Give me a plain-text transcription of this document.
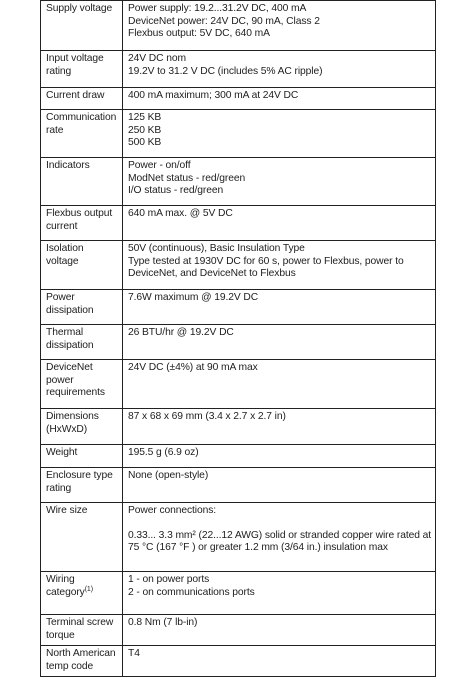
Supply voltage	Power supply: 19.2...31.2V DC, 400 mA
DeviceNet power: 24V DC, 90 mA, Class 2
Flexbus output: 5V DC, 640 mA

Input voltage rating	24V DC nom
19.2V to 31.2 V DC (includes 5% AC ripple)

Current draw	400 mA maximum; 300 mA at 24V DC

Communication rate	125 KB
250 KB
500 KB

Indicators	Power - on/off
ModNet status - red/green
I/O status - red/green

Flexbus output current	640 mA max. @ 5V DC

Isolation voltage	50V (continuous), Basic Insulation Type
Type tested at 1930V DC for 60 s, power to Flexbus, power to DeviceNet, and DeviceNet to Flexbus

Power dissipation	7.6W maximum @ 19.2V DC

Thermal dissipation	26 BTU/hr @ 19.2V DC

DeviceNet power requirements	24V DC (±4%) at 90 mA max

Dimensions (HxWxD)	87 x 68 x 69 mm (3.4 x 2.7 x 2.7 in)

Weight	195.5 g (6.9 oz)

Enclosure type rating	None (open-style)

Wire size	Power connections:
0.33... 3.3 mm² (22...12 AWG) solid or stranded copper wire rated at 75 °C (167 °F ) or greater 1.2 mm (3/64 in.) insulation max

Wiring category$^{(1)}$	1 - on power ports
2 - on communications ports

Terminal screw torque	0.8 Nm (7 lb-in)

North American temp code	T4
